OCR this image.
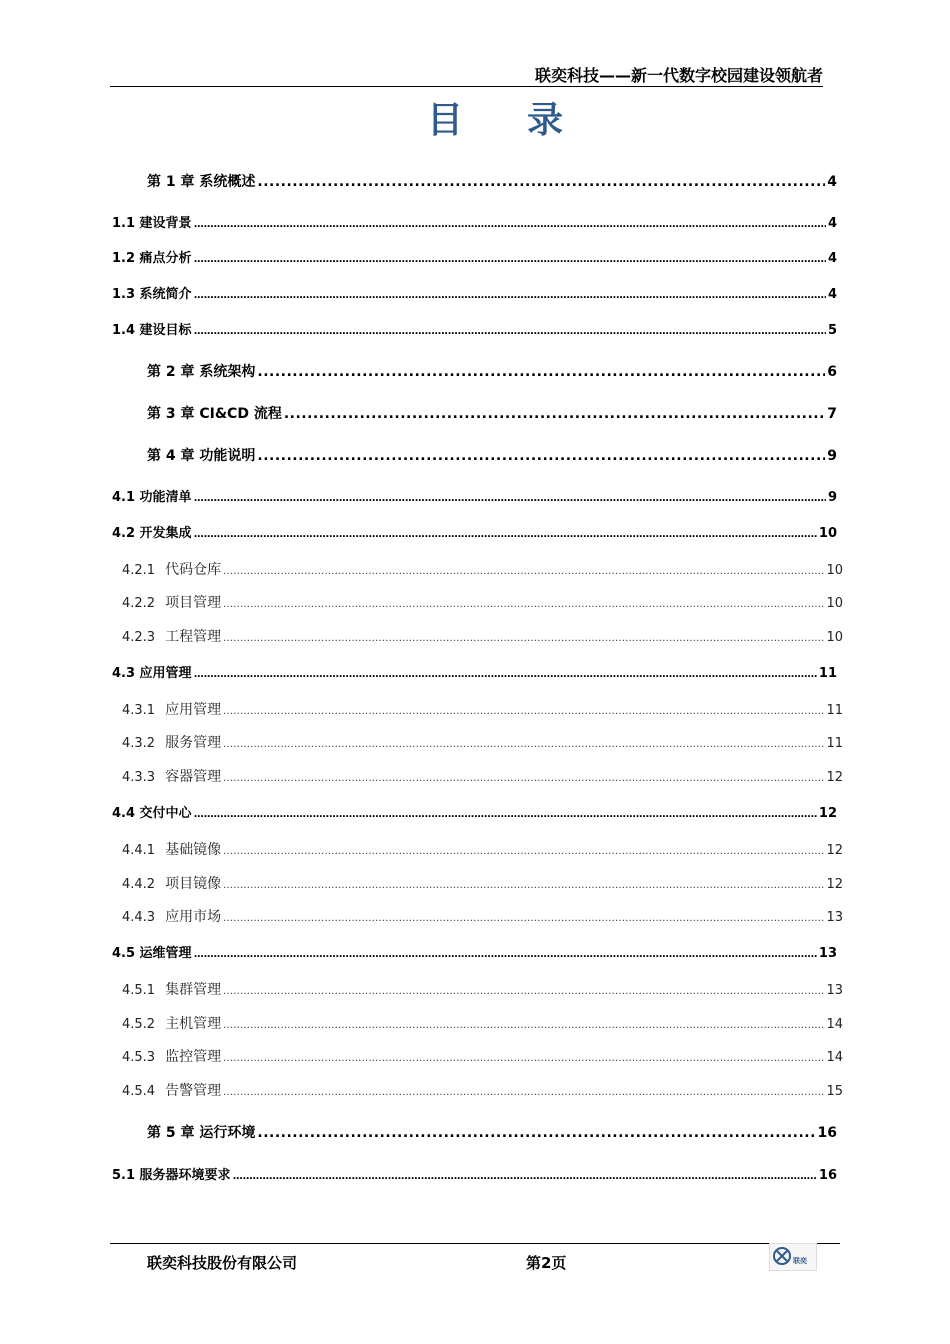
联奕科技——新一代数字校园建设领航者
目 录
第 1 章 系统概述 .....	4
1.1 建设背景 .....	4
1.2 痛点分析 .....	4
1.3 系统简介 .....	4
1.4 建设目标 .....	5
第 2 章 系统架构 .....	6
第 3 章 CI&CD 流程 .....	7
第 4 章 功能说明 .....	9
4.1 功能清单 .....	9
4.2 开发集成 .....	10
4.2.1 代码仓库 .....	10
4.2.2 项目管理 .....	10
4.2.3 工程管理 .....	10
4.3 应用管理 .....	11
4.3.1 应用管理 .....	11
4.3.2 服务管理 .....	11
4.3.3 容器管理 .....	12
4.4 交付中心 .....	12
4.4.1 基础镜像 .....	12
4.4.2 项目镜像 .....	12
4.4.3 应用市场 .....	13
4.5 运维管理 .....	13
4.5.1 集群管理 .....	13
4.5.2 主机管理 .....	14
4.5.3 监控管理 .....	14
4.5.4 告警管理 .....	15
第 5 章 运行环境 .....	16
5.1 服务器环境要求 .....	16
联奕科技股份有限公司	第2页	联奕
